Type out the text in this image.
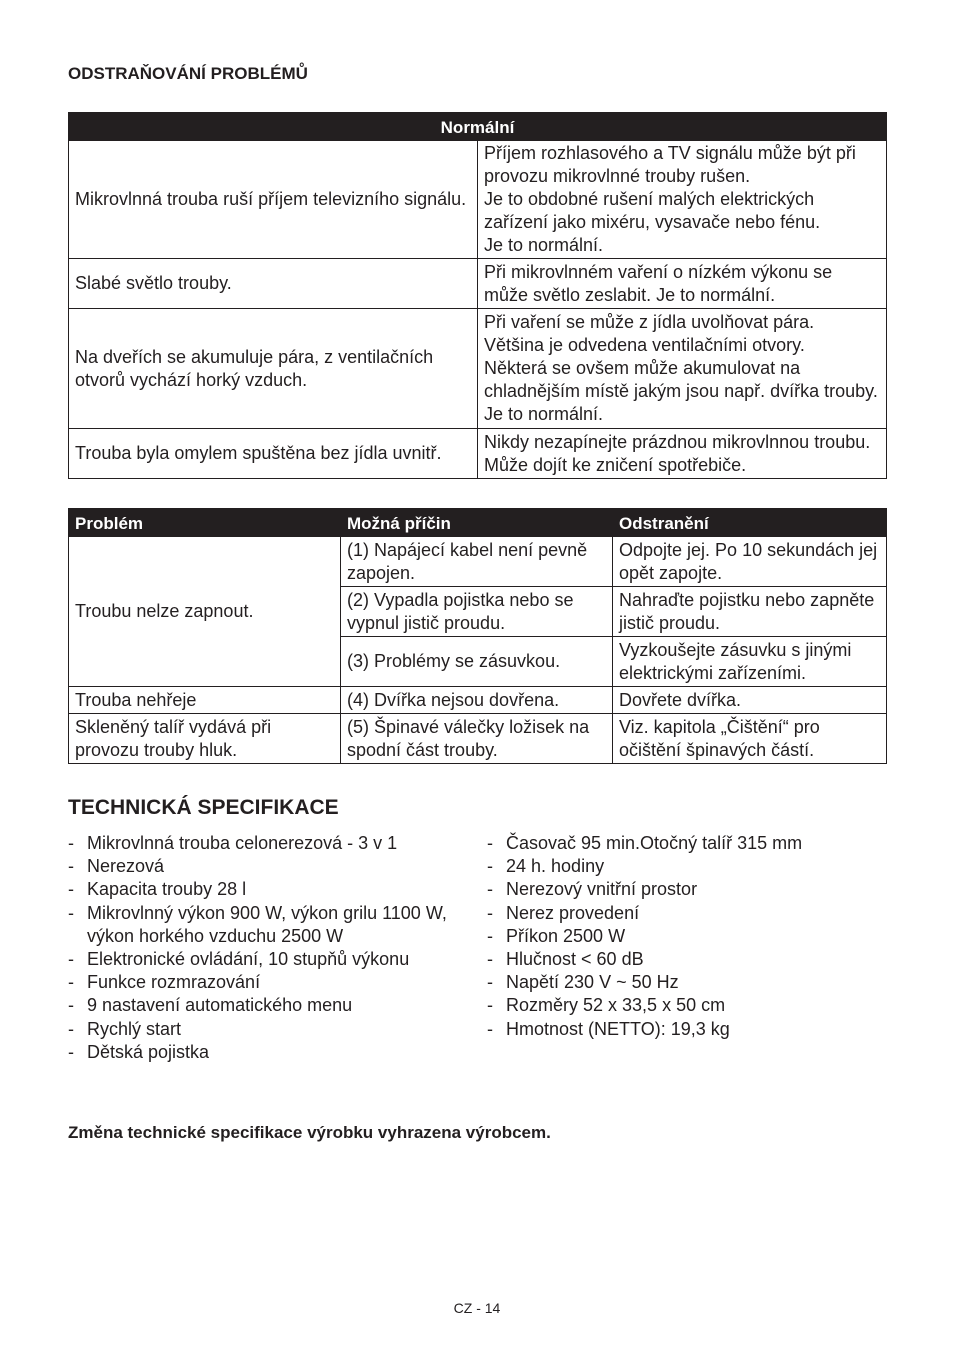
ODSTRAŇOVÁNÍ PROBLÉMŮ
Normální	
Mikrovlnná trouba ruší příjem televizního signálu.	Příjem rozhlasového a TV signálu může být při provozu mikrovlnné trouby rušen.
Je to obdobné rušení malých elektrických zařízení jako mixéru, vysavače nebo fénu.
Je to normální.

Slabé světlo trouby.	Při mikrovlnném vaření o nízkém výkonu se může světlo zeslabit. Je to normální.

Na dveřích se akumuluje pára, z ventilačních otvorů vychází horký vzduch.	Při vaření se může z jídla uvolňovat pára.
Většina je odvedena ventilačními otvory.
Některá se ovšem může akumulovat na chladnějším místě jakým jsou např. dvířka trouby. Je to normální.

Trouba byla omylem spuštěna bez jídla uvnitř.	Nikdy nezapínejte prázdnou mikrovlnnou troubu. Může dojít ke zničení spotřebiče.
Problém	Možná příčin	Odstranění
Troubu nelze zapnout.	(1) Napájecí kabel není pevně zapojen.	Odpojte jej. Po 10 sekundách jej opět zapojte.
	(2) Vypadla pojistka nebo se vypnul jistič proudu.	Nahraďte pojistku nebo zapněte jistič proudu.
	(3) Problémy se zásuvkou.	Vyzkoušejte zásuvku s jinými elektrickými zařízeními.
Trouba nehřeje	(4) Dvířka nejsou dovřena.	Dovřete dvířka.
Skleněný talíř vydává při provozu trouby hluk.	(5) Špinavé válečky ložisek na spodní část trouby.	Viz. kapitola „Čištění“ pro očištění špinavých částí.
TECHNICKÁ SPECIFIKACE
- Mikrovlnná trouba celonerezová - 3 v 1
- Nerezová
- Kapacita trouby 28 l
- Mikrovlnný výkon 900 W, výkon grilu 1100 W, výkon horkého vzduchu 2500 W
- Elektronické ovládání, 10 stupňů výkonu
- Funkce rozmrazování
- 9 nastavení automatického menu
- Rychlý start
- Dětská pojistka
- Časovač 95 min.Otočný talíř 315 mm
- 24 h. hodiny
- Nerezový vnitřní prostor
- Nerez provedení
- Příkon 2500 W
- Hlučnost < 60 dB
- Napětí 230 V ~ 50 Hz
- Rozměry 52 x 33,5 x 50 cm
- Hmotnost (NETTO): 19,3 kg
Změna technické specifikace výrobku vyhrazena výrobcem.
CZ - 14
